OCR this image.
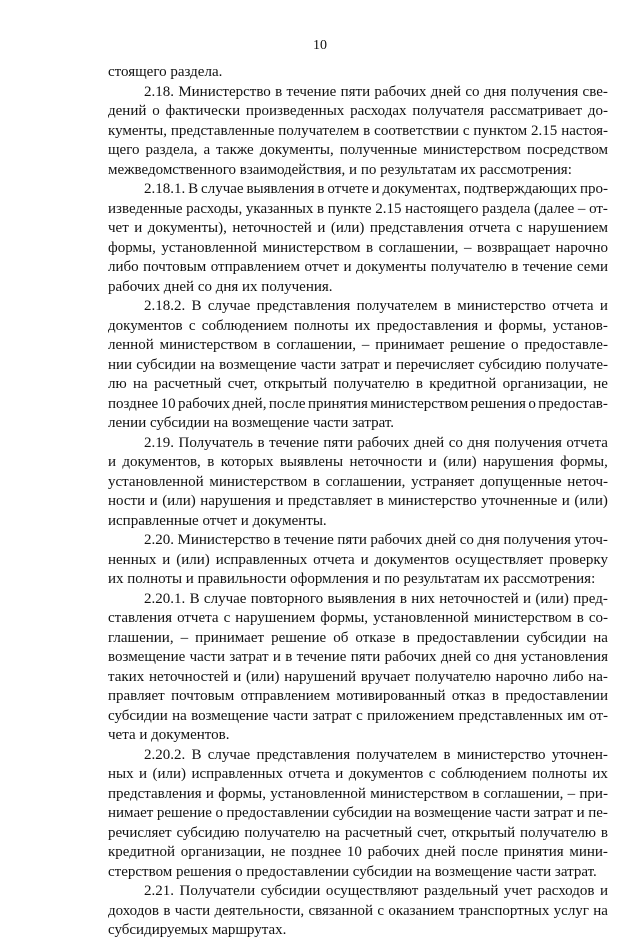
10
стоящего раздела.
2.18. Министерство в течение пяти рабочих дней со дня получения све-
дений о фактически произведенных расходах получателя рассматривает до-
кументы, представленные получателем в соответствии с пунктом 2.15 настоя-
щего раздела, а также документы, полученные министерством посредством
межведомственного взаимодействия, и по результатам их рассмотрения:
2.18.1. В случае выявления в отчете и документах, подтверждающих про-
изведенные расходы, указанных в пункте 2.15 настоящего раздела (далее – от-
чет и документы), неточностей и (или) представления отчета с нарушением
формы, установленной министерством в соглашении, – возвращает нарочно
либо почтовым отправлением отчет и документы получателю в течение семи
рабочих дней со дня их получения.
2.18.2. В случае представления получателем в министерство отчета и
документов с соблюдением полноты их предоставления и формы, установ-
ленной министерством в соглашении, – принимает решение о предоставле-
нии субсидии на возмещение части затрат и перечисляет субсидию получате-
лю на расчетный счет, открытый получателю в кредитной организации, не
позднее 10 рабочих дней, после принятия министерством решения о предостав-
лении субсидии на возмещение части затрат.
2.19. Получатель в течение пяти рабочих дней со дня получения отчета
и документов, в которых выявлены неточности и (или) нарушения формы,
установленной министерством в соглашении, устраняет допущенные неточ-
ности и (или) нарушения и представляет в министерство уточненные и (или)
исправленные отчет и документы.
2.20. Министерство в течение пяти рабочих дней со дня получения уточ-
ненных и (или) исправленных отчета и документов осуществляет проверку
их полноты и правильности оформления и по результатам их рассмотрения:
2.20.1. В случае повторного выявления в них неточностей и (или) пред-
ставления отчета с нарушением формы, установленной министерством в со-
глашении, – принимает решение об отказе в предоставлении субсидии на
возмещение части затрат и в течение пяти рабочих дней со дня установления
таких неточностей и (или) нарушений вручает получателю нарочно либо на-
правляет почтовым отправлением мотивированный отказ в предоставлении
субсидии на возмещение части затрат с приложением представленных им от-
чета и документов.
2.20.2. В случае представления получателем в министерство уточнен-
ных и (или) исправленных отчета и документов с соблюдением полноты их
представления и формы, установленной министерством в соглашении, – при-
нимает решение о предоставлении субсидии на возмещение части затрат и пе-
речисляет субсидию получателю на расчетный счет, открытый получателю в
кредитной организации, не позднее 10 рабочих дней после принятия мини-
стерством решения о предоставлении субсидии на возмещение части затрат.
2.21. Получатели субсидии осуществляют раздельный учет расходов и
доходов в части деятельности, связанной с оказанием транспортных услуг на
субсидируемых маршрутах.
